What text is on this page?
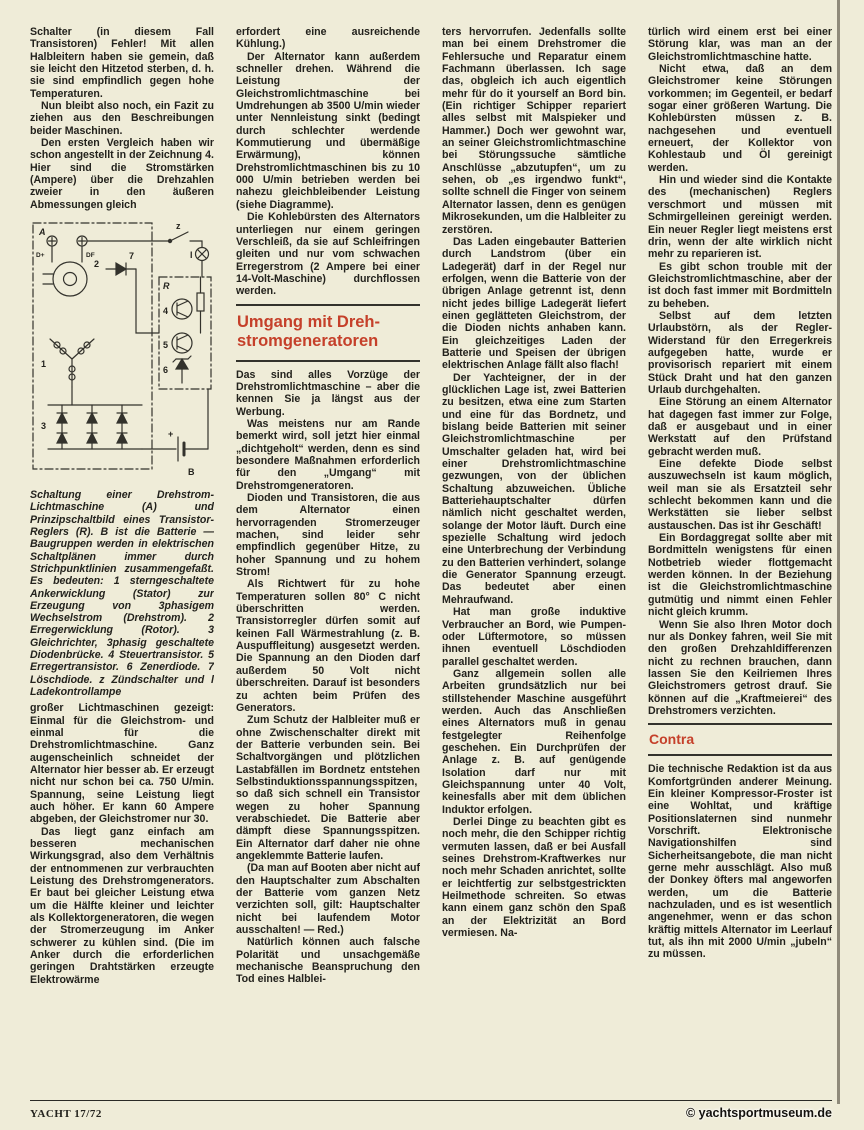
Schalter (in diesem Fall Transistoren) Fehler! Mit allen Halbleitern haben sie gemein, daß sie leicht den Hitzetod sterben, d. h. sie sind empfindlich gegen hohe Temperaturen.

Nun bleibt also noch, ein Fazit zu ziehen aus den Beschreibungen beider Maschinen.

Den ersten Vergleich haben wir schon angestellt in der Zeichnung 4. Hier sind die Stromstärken (Ampere) über die Drehzahlen zweier in den äußeren Abmessungen gleich

A
R
D+	DF
2
7
1
3
4
5
6
z
l
+
B
Schaltung einer Drehstrom-Lichtmaschine (A) und Prinzipschaltbild eines Transistor-Reglers (R). B ist die Batterie — Baugruppen werden in elektrischen Schaltplänen immer durch Strichpunktlinien zusammengefaßt. Es bedeuten: 1 sterngeschaltete Ankerwicklung (Stator) zur Erzeugung von 3phasigem Wechselstrom (Drehstrom). 2 Erregerwicklung (Rotor). 3 Gleichrichter, 3phasig geschaltete Diodenbrücke. 4 Steuertransistor. 5 Erregertransistor. 6 Zenerdiode. 7 Löschdiode. z Zündschalter und l Ladekontrollampe

großer Lichtmaschinen gezeigt: Einmal für die Gleichstrom- und einmal für die Drehstromlichtmaschine. Ganz augenscheinlich schneidet der Alternator hier besser ab. Er erzeugt nicht nur schon bei ca. 750 U/min. Spannung, seine Leistung liegt auch höher. Er kann 60 Ampere abgeben, der Gleichstromer nur 30.

Das liegt ganz einfach am besseren mechanischen Wirkungsgrad, also dem Verhältnis der entnommenen zur verbrauchten Leistung des Drehstromgenerators. Er baut bei gleicher Leistung etwa um die Hälfte kleiner und leichter als Kollektorgeneratoren, die wegen der Stromerzeugung im Anker schwerer zu kühlen sind. (Die im Anker durch die erforderlichen geringen Drahtstärken erzeugte Elektrowärme

erfordert eine ausreichende Kühlung.)

Der Alternator kann außerdem schneller drehen. Während die Leistung der Gleichstromlichtmaschine bei Umdrehungen ab 3500 U/min wieder unter Nennleistung sinkt (bedingt durch schlechter werdende Kommutierung und übermäßige Erwärmung), können Drehstromlichtmaschinen bis zu 10 000 U/min betrieben werden bei nahezu gleichbleibender Leistung (siehe Diagramme).

Die Kohlebürsten des Alternators unterliegen nur einem geringen Verschleiß, da sie auf Schleifringen gleiten und nur vom schwachen Erregerstrom (2 Ampere bei einer 14-Volt-Maschine) durchflossen werden.

Umgang mit Dreh-
stromgeneratoren

Das sind alles Vorzüge der Drehstromlichtmaschine – aber die kennen Sie ja längst aus der Werbung.

Was meistens nur am Rande bemerkt wird, soll jetzt hier einmal „dichtgeholt“ werden, denn es sind besondere Maßnahmen erforderlich für den „Umgang“ mit Drehstromgeneratoren.

Dioden und Transistoren, die aus dem Alternator einen hervorragenden Stromerzeuger machen, sind leider sehr empfindlich gegenüber Hitze, zu hoher Spannung und zu hohem Strom!

Als Richtwert für zu hohe Temperaturen sollen 80° C nicht überschritten werden. Transistorregler dürfen somit auf keinen Fall Wärmestrahlung (z. B. Auspuffleitung) ausgesetzt werden. Die Spannung an den Dioden darf außerdem 50 Volt nicht überschreiten. Darauf ist besonders zu achten beim Prüfen des Generators.

Zum Schutz der Halbleiter muß er ohne Zwischenschalter direkt mit der Batterie verbunden sein. Bei Schaltvorgängen und plötzlichen Lastabfällen im Bordnetz entstehen Selbstinduktionsspannungsspitzen, so daß sich schnell ein Transistor wegen zu hoher Spannung verabschiedet. Die Batterie aber dämpft diese Spannungsspitzen. Ein Alternator darf daher nie ohne angeklemmte Batterie laufen.

(Da man auf Booten aber nicht auf den Hauptschalter zum Abschalten der Batterie vom ganzen Netz verzichten soll, gilt: Hauptschalter nicht bei laufendem Motor ausschalten! — Red.)

Natürlich können auch falsche Polarität und unsachgemäße mechanische Beanspruchung den Tod eines Halblei-

ters hervorrufen. Jedenfalls sollte man bei einem Drehstromer die Fehlersuche und Reparatur einem Fachmann überlassen. Ich sage das, obgleich ich auch eigentlich mehr für do it yourself an Bord bin. (Ein richtiger Schipper repariert alles selbst mit Malspieker und Hammer.) Doch wer gewohnt war, an seiner Gleichstromlichtmaschine bei Störungssuche sämtliche Anschlüsse „abzutupfen“, um zu sehen, ob „es irgendwo funkt“, sollte schnell die Finger von seinem Alternator lassen, denn es genügen Mikrosekunden, um die Halbleiter zu zerstören.

Das Laden eingebauter Batterien durch Landstrom (über ein Ladegerät) darf in der Regel nur erfolgen, wenn die Batterie von der übrigen Anlage getrennt ist, denn nicht jedes billige Ladegerät liefert einen geglätteten Gleichstrom, der die Dioden nichts anhaben kann. Ein gleichzeitiges Laden der Batterie und Speisen der übrigen elektrischen Anlage fällt also flach!

Der Yachteigner, der in der glücklichen Lage ist, zwei Batterien zu besitzen, etwa eine zum Starten und eine für das Bordnetz, und bislang beide Batterien mit seiner Gleichstromlichtmaschine per Umschalter geladen hat, wird bei einer Drehstromlichtmaschine gezwungen, von der üblichen Schaltung abzuweichen. Übliche Batteriehauptschalter dürfen nämlich nicht geschaltet werden, solange der Motor läuft. Durch eine spezielle Schaltung wird jedoch eine Unterbrechung der Verbindung zu den Batterien verhindert, solange die Generator Spannung erzeugt. Das bedeutet aber einen Mehraufwand.

Hat man große induktive Verbraucher an Bord, wie Pumpen- oder Lüftermotore, so müssen ihnen eventuell Löschdioden parallel geschaltet werden.

Ganz allgemein sollen alle Arbeiten grundsätzlich nur bei stillstehender Maschine ausgeführt werden. Auch das Anschließen eines Alternators muß in genau festgelegter Reihenfolge geschehen. Ein Durchprüfen der Anlage z. B. auf genügende Isolation darf nur mit Gleichspannung unter 40 Volt, keinesfalls aber mit dem üblichen Induktor erfolgen.

Derlei Dinge zu beachten gibt es noch mehr, die den Schipper richtig vermuten lassen, daß er bei Ausfall seines Drehstrom-Kraftwerkes nur noch mehr Schaden anrichtet, sollte er leichtfertig zur selbstgestrickten Heilmethode schreiten. So etwas kann einem ganz schön den Spaß an der Elektrizität an Bord vermiesen. Na-

türlich wird einem erst bei einer Störung klar, was man an der Gleichstromlichtmaschine hatte.

Nicht etwa, daß an dem Gleichstromer keine Störungen vorkommen; im Gegenteil, er bedarf sogar einer größeren Wartung. Die Kohlebürsten müssen z. B. nachgesehen und eventuell erneuert, der Kollektor von Kohlestaub und Öl gereinigt werden.

Hin und wieder sind die Kontakte des (mechanischen) Reglers verschmort und müssen mit Schmirgelleinen gereinigt werden. Ein neuer Regler liegt meistens erst drin, wenn der alte wirklich nicht mehr zu reparieren ist.

Es gibt schon trouble mit der Gleichstromlichtmaschine, aber der ist doch fast immer mit Bordmitteln zu beheben.

Selbst auf dem letzten Urlaubstörn, als der Regler-Widerstand für den Erregerkreis aufgegeben hatte, wurde er provisorisch repariert mit einem Stück Draht und hat den ganzen Urlaub durchgehalten.

Eine Störung an einem Alternator hat dagegen fast immer zur Folge, daß er ausgebaut und in einer Werkstatt auf den Prüfstand gebracht werden muß.

Eine defekte Diode selbst auszuwechseln ist kaum möglich, weil man sie als Ersatzteil sehr schlecht bekommen kann und die Werkstätten sie lieber selbst austauschen. Das ist ihr Geschäft!

Ein Bordaggregat sollte aber mit Bordmitteln wenigstens für einen Notbetrieb wieder flottgemacht werden können. In der Beziehung ist die Gleichstromlichtmaschine gutmütig und nimmt einen Fehler nicht gleich krumm.

Wenn Sie also Ihren Motor doch nur als Donkey fahren, weil Sie mit den großen Drehzahldifferenzen nicht zu rechnen brauchen, dann lassen Sie den Keilriemen Ihres Gleichstromers getrost drauf. Sie können auf die „Kraftmeierei“ des Drehstromers verzichten.

Contra

Die technische Redaktion ist da aus Komfortgründen anderer Meinung. Ein kleiner Kompressor-Froster ist eine Wohltat, und kräftige Positionslaternen sind nunmehr Vorschrift. Elektronische Navigationshilfen sind Sicherheitsangebote, die man nicht gerne mehr ausschlägt. Also muß der Donkey öfters mal angeworfen werden, um die Batterie nachzuladen, und es ist wesentlich angenehmer, wenn er das schon kräftig mittels Alternator im Leerlauf tut, als ihn mit 2000 U/min „jubeln“ zu müssen.

YACHT 17/72	© yachtsportmuseum.de
